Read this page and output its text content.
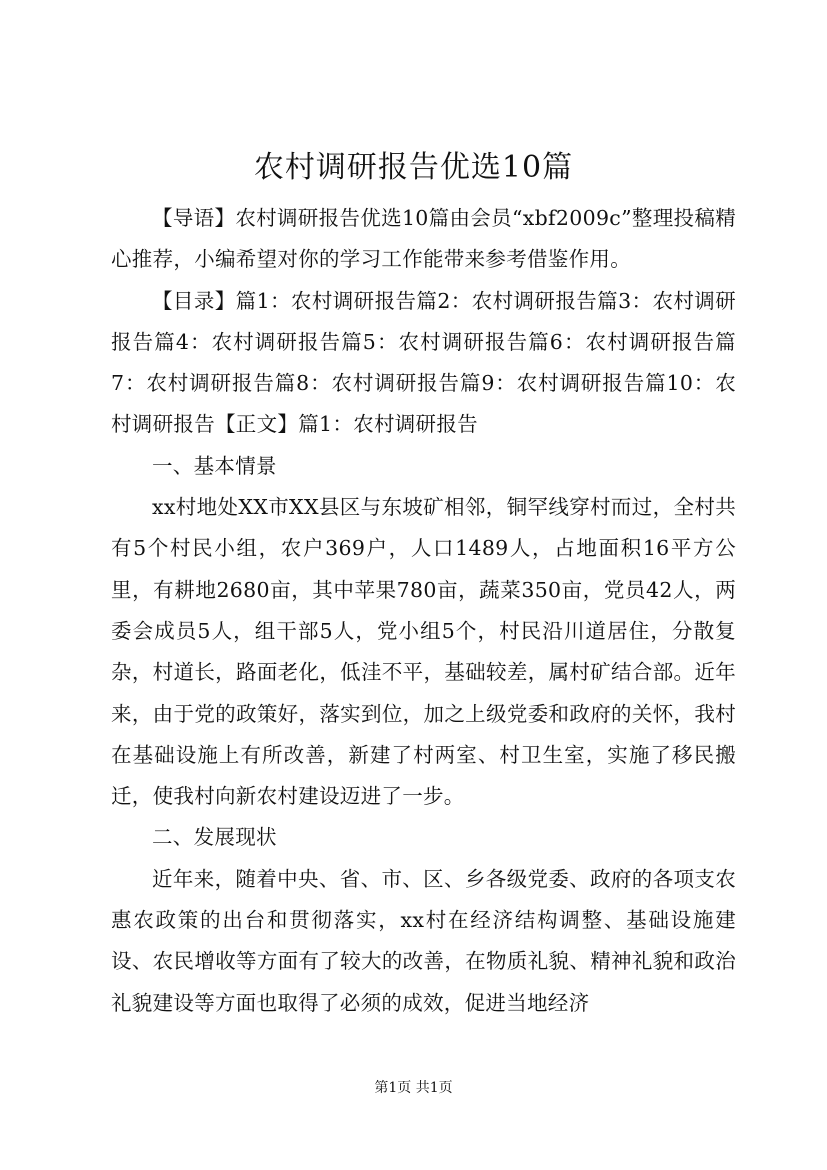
农村调研报告优选10篇

【导语】农村调研报告优选10篇由会员“xbf2009c”整理投稿精心推荐，小编希望对你的学习工作能带来参考借鉴作用。

【目录】篇1：农村调研报告篇2：农村调研报告篇3：农村调研报告篇4：农村调研报告篇5：农村调研报告篇6：农村调研报告篇7：农村调研报告篇8：农村调研报告篇9：农村调研报告篇10：农村调研报告【正文】篇1：农村调研报告

一、基本情景

xx村地处XX市XX县区与东坡矿相邻，铜罕线穿村而过，全村共有5个村民小组，农户369户，人口1489人，占地面积16平方公里，有耕地2680亩，其中苹果780亩，蔬菜350亩，党员42人，两委会成员5人，组干部5人，党小组5个，村民沿川道居住，分散复杂，村道长，路面老化，低洼不平，基础较差，属村矿结合部。近年来，由于党的政策好，落实到位，加之上级党委和政府的关怀，我村在基础设施上有所改善，新建了村两室、村卫生室，实施了移民搬迁，使我村向新农村建设迈进了一步。

二、发展现状

近年来，随着中央、省、市、区、乡各级党委、政府的各项支农惠农政策的出台和贯彻落实，xx村在经济结构调整、基础设施建设、农民增收等方面有了较大的改善，在物质礼貌、精神礼貌和政治礼貌建设等方面也取得了必须的成效，促进当地经济

第1页 共1页
